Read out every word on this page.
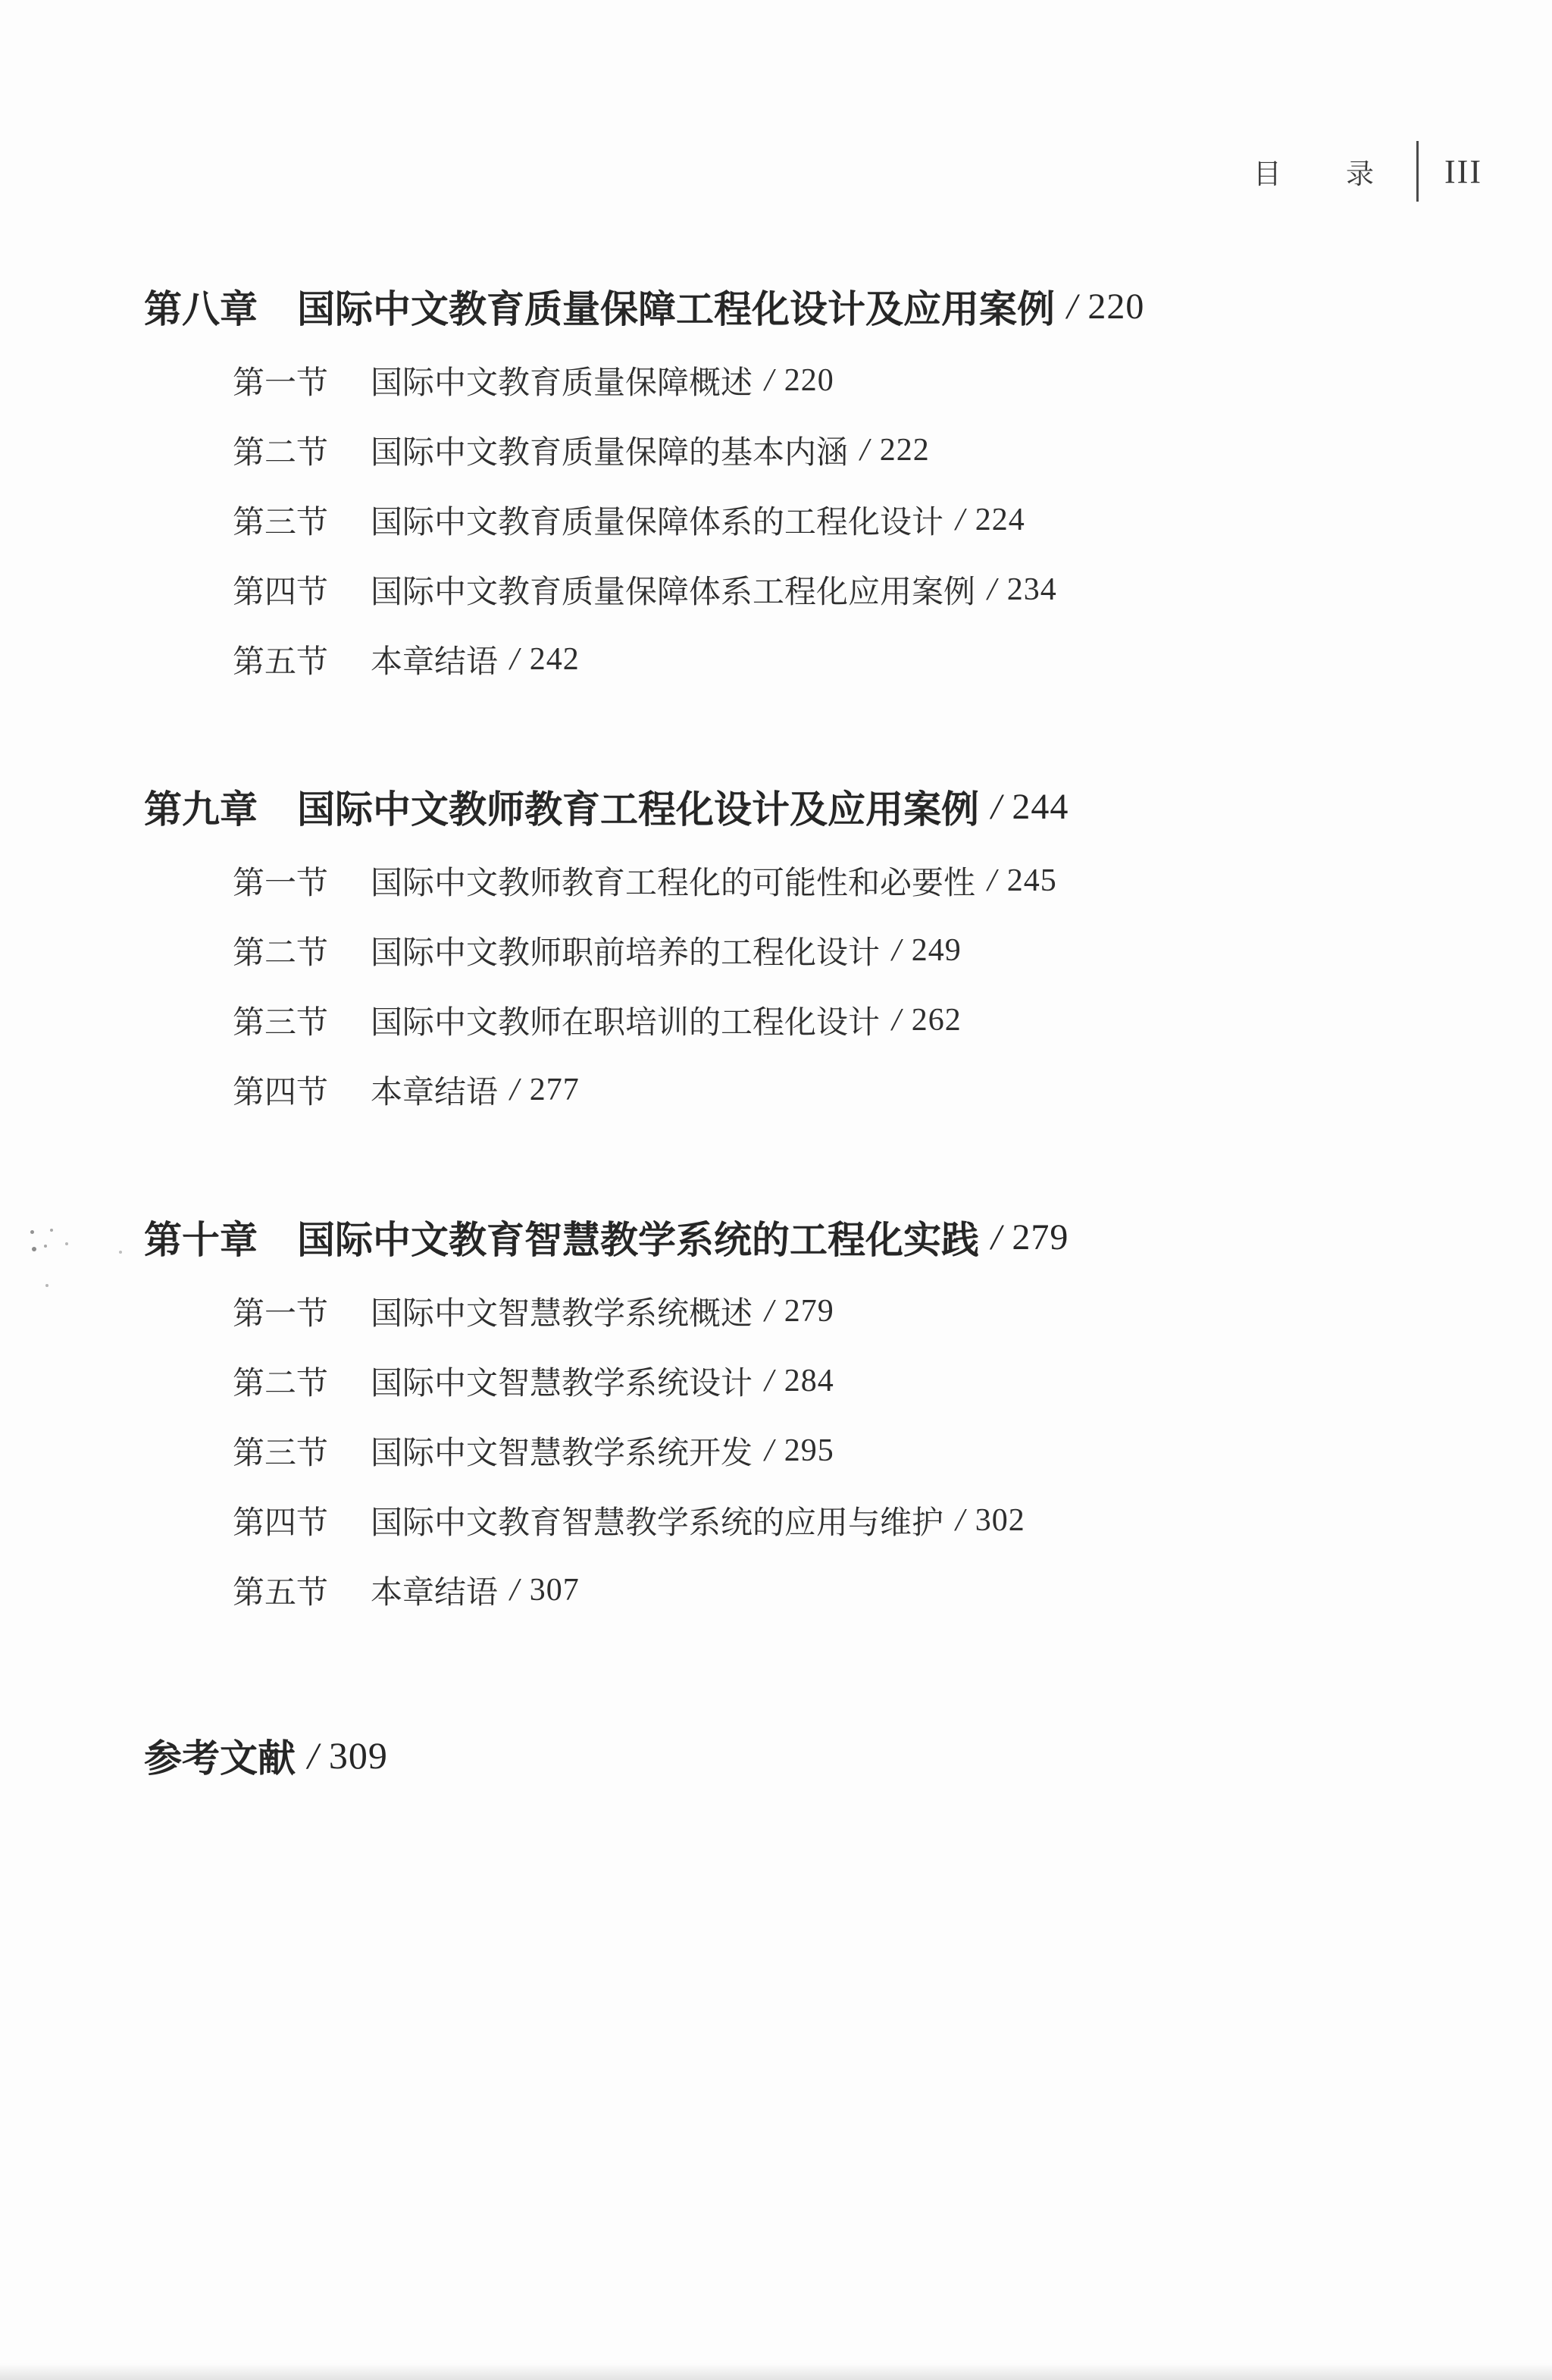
目 录 III
第八章 国际中文教育质量保障工程化设计及应用案例 / 220
第一节 国际中文教育质量保障概述 / 220
第二节 国际中文教育质量保障的基本内涵 / 222
第三节 国际中文教育质量保障体系的工程化设计 / 224
第四节 国际中文教育质量保障体系工程化应用案例 / 234
第五节 本章结语 / 242
第九章 国际中文教师教育工程化设计及应用案例 / 244
第一节 国际中文教师教育工程化的可能性和必要性 / 245
第二节 国际中文教师职前培养的工程化设计 / 249
第三节 国际中文教师在职培训的工程化设计 / 262
第四节 本章结语 / 277
第十章 国际中文教育智慧教学系统的工程化实践 / 279
第一节 国际中文智慧教学系统概述 / 279
第二节 国际中文智慧教学系统设计 / 284
第三节 国际中文智慧教学系统开发 / 295
第四节 国际中文教育智慧教学系统的应用与维护 / 302
第五节 本章结语 / 307
参考文献 / 309
